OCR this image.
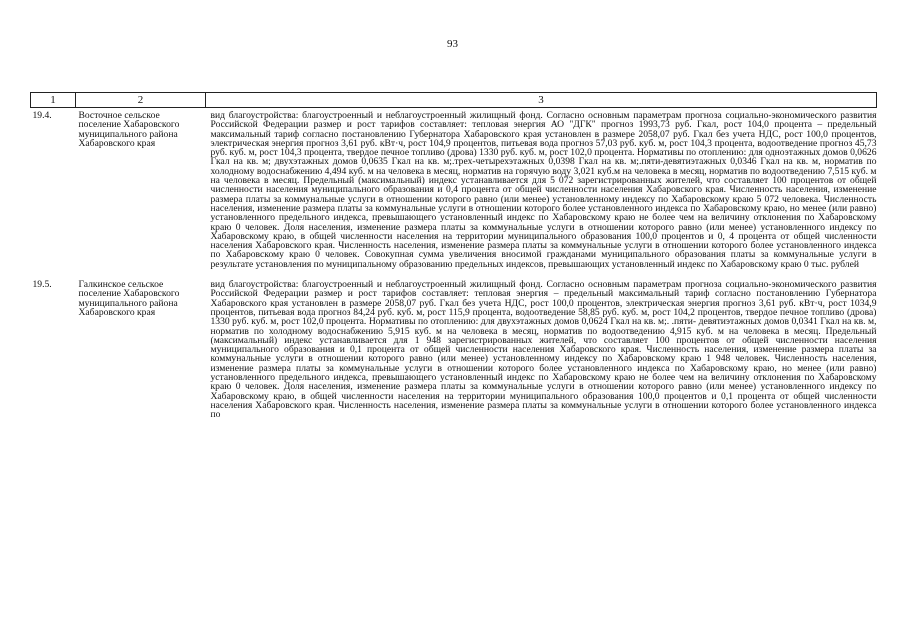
93
1	2	3
19.4.	Восточное сельское поселение Хабаровского муниципального района Хабаровского края	вид благоустройства: благоустроенный и неблагоустроенный жилищный фонд. Согласно основным параметрам прогноза социально-экономического развития Российской Федерации размер и рост тарифов составляет: тепловая энергия АО "ДГК" прогноз 1993,73 руб. Гкал, рост 104,0 процента – предельный максимальный тариф согласно постановлению Губернатора Хабаровского края установлен в размере 2058,07 руб. Гкал без учета НДС, рост 100,0 процентов, электрическая энергия прогноз 3,61 руб. кВт·ч, рост 104,9 процентов, питьевая вода прогноз 57,03 руб. куб. м, рост 104,3 процента, водоотведение прогноз 45,73 руб. куб. м, рост 104,3 процента, твердое печное топливо (дрова) 1330 руб. куб. м, рост 102,0 процента. Нормативы по отоплению: для одноэтажных домов 0,0626 Гкал на кв. м; двухэтажных домов 0,0635 Гкал на кв. м;.трех-четырехэтажных 0,0398 Гкал на кв. м;.пяти-девятиэтажных 0,0346 Гкал на кв. м, норматив по холодному водоснабжению 4,494 куб. м на человека в месяц, норматив на горячую воду 3,021 куб.м на человека в месяц, норматив по водоотведению 7,515 куб. м на человека в месяц. Предельный (максимальный) индекс устанавливается для 5 072 зарегистрированных жителей, что составляет 100 процентов от общей численности населения муниципального образования и 0,4 процента от общей численности населения Хабаровского края. Численность населения, изменение размера платы за коммунальные услуги в отношении которого равно (или менее) установленному индексу по Хабаровскому краю 5 072 человека. Численность населения, изменение размера платы за коммунальные услуги в отношении которого более установленного индекса по Хабаровскому краю, но менее (или равно) установленного предельного индекса, превышающего установленный индекс по Хабаровскому краю не более чем на величину отклонения по Хабаровскому краю 0 человек. Доля населения, изменение размера платы за коммунальные услуги в отношении которого равно (или менее) установленного индексу по Хабаровскому краю, в общей численности населения на территории муниципального образования 100,0 процентов и 0, 4 процента от общей численности населения Хабаровского края. Численность населения, изменение размера платы за коммунальные услуги в отношении которого более установленного индекса по Хабаровскому краю 0 человек. Совокупная сумма увеличения вносимой гражданами муниципального образования платы за коммунальные услуги в результате установления по муниципальному образованию предельных индексов, превышающих установленный индекс по Хабаровскому краю 0 тыс. рублей

19.5.	Галкинское сельское поселение Хабаровского муниципального района Хабаровского края	вид благоустройства: благоустроенный и неблагоустроенный жилищный фонд. Согласно основным параметрам прогноза социально-экономического развития Российской Федерации размер и рост тарифов составляет: тепловая энергия – предельный максимальный тариф согласно постановлению Губернатора Хабаровского края установлен в размере 2058,07 руб. Гкал без учета НДС, рост 100,0 процентов, электрическая энергия прогноз 3,61 руб. кВт·ч, рост 1034,9 процентов, питьевая вода прогноз 84,24 руб. куб. м, рост 115,9 процента, водоотведение 58,85 руб. куб. м, рост 104,2 процентов, твердое печное топливо (дрова) 1330 руб. куб. м, рост 102,0 процента. Нормативы по отоплению: для двухэтажных домов 0,0624 Гкал на кв. м;. .пяти- девятиэтажных домов 0,0341 Гкал на кв. м, норматив по холодному водоснабжению 5,915 куб. м на человека в месяц, норматив по водоотведению 4,915 куб. м на человека в месяц. Предельный (максимальный) индекс устанавливается для 1 948 зарегистрированных жителей, что составляет 100 процентов от общей численности населения муниципального образования и 0,1 процента от общей численности населения Хабаровского края. Численность населения, изменение размера платы за коммунальные услуги в отношении которого равно (или менее) установленному индексу по Хабаровскому краю 1 948 человек. Численность населения, изменение размера платы за коммунальные услуги в отношении которого более установленного индекса по Хабаровскому краю, но менее (или равно) установленного предельного индекса, превышающего установленный индекс по Хабаровскому краю не более чем на величину отклонения по Хабаровскому краю 0 человек. Доля населения, изменение размера платы за коммунальные услуги в отношении которого равно (или менее) установленного индексу по Хабаровскому краю, в общей численности населения на территории муниципального образования 100,0 процентов и 0,1 процента от общей численности населения Хабаровского края. Численность населения, изменение размера платы за коммунальные услуги в отношении которого более установленного индекса по
